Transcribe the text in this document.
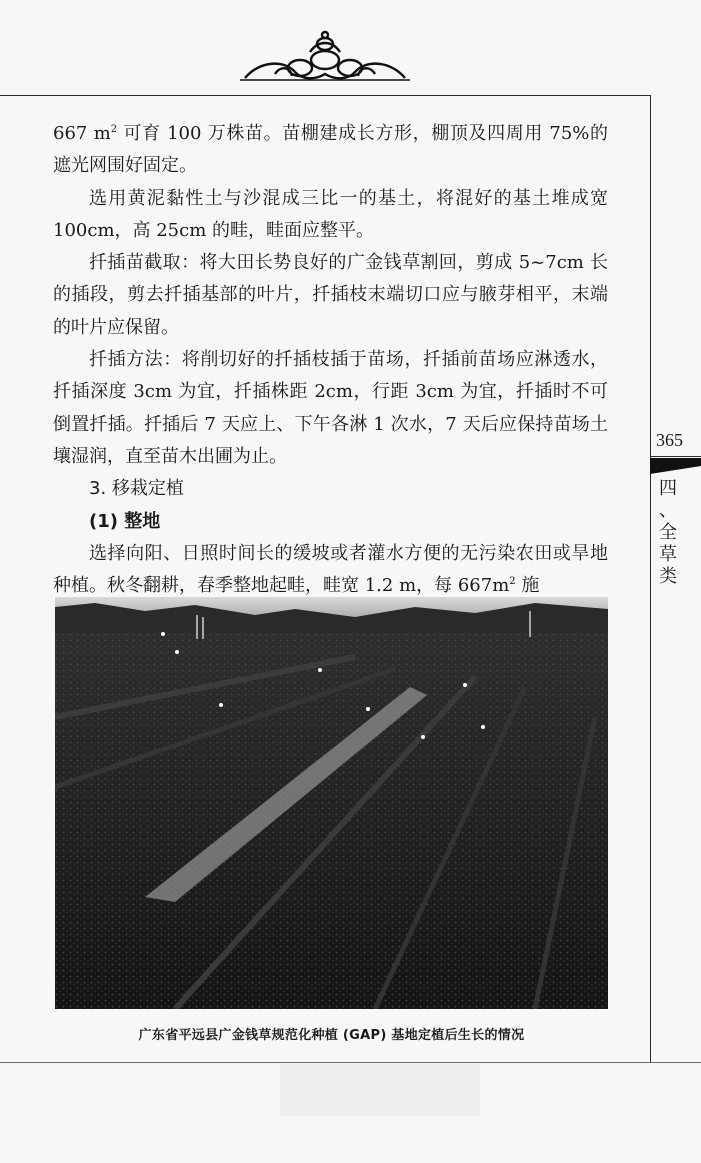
365
四
、
全
草
类

667 $m^2$ 可育 100 万株苗。苗棚建成长方形，棚顶及四周用 75%的遮光网围好固定。

选用黄泥黏性土与沙混成三比一的基土，将混好的基土堆成宽 100cm，高 25cm 的畦，畦面应整平。

扦插苗截取：将大田长势良好的广金钱草割回，剪成 5~7cm 长的插段，剪去扦插基部的叶片，扦插枝末端切口应与腋芽相平，末端的叶片应保留。

扦插方法：将削切好的扦插枝插于苗场，扦插前苗场应淋透水，扦插深度 3cm 为宜，扦插株距 2cm，行距 3cm 为宜，扦插时不可倒置扦插。扦插后 7 天应上、下午各淋 1 次水，7 天后应保持苗场土壤湿润，直至苗木出圃为止。

3. 移栽定植

(1) 整地

选择向阳、日照时间长的缓坡或者灌水方便的无污染农田或旱地种植。秋冬翻耕，春季整地起畦，畦宽 1.2 m，每 $667m^2$ 施

广东省平远县广金钱草规范化种植 (GAP) 基地定植后生长的情况
